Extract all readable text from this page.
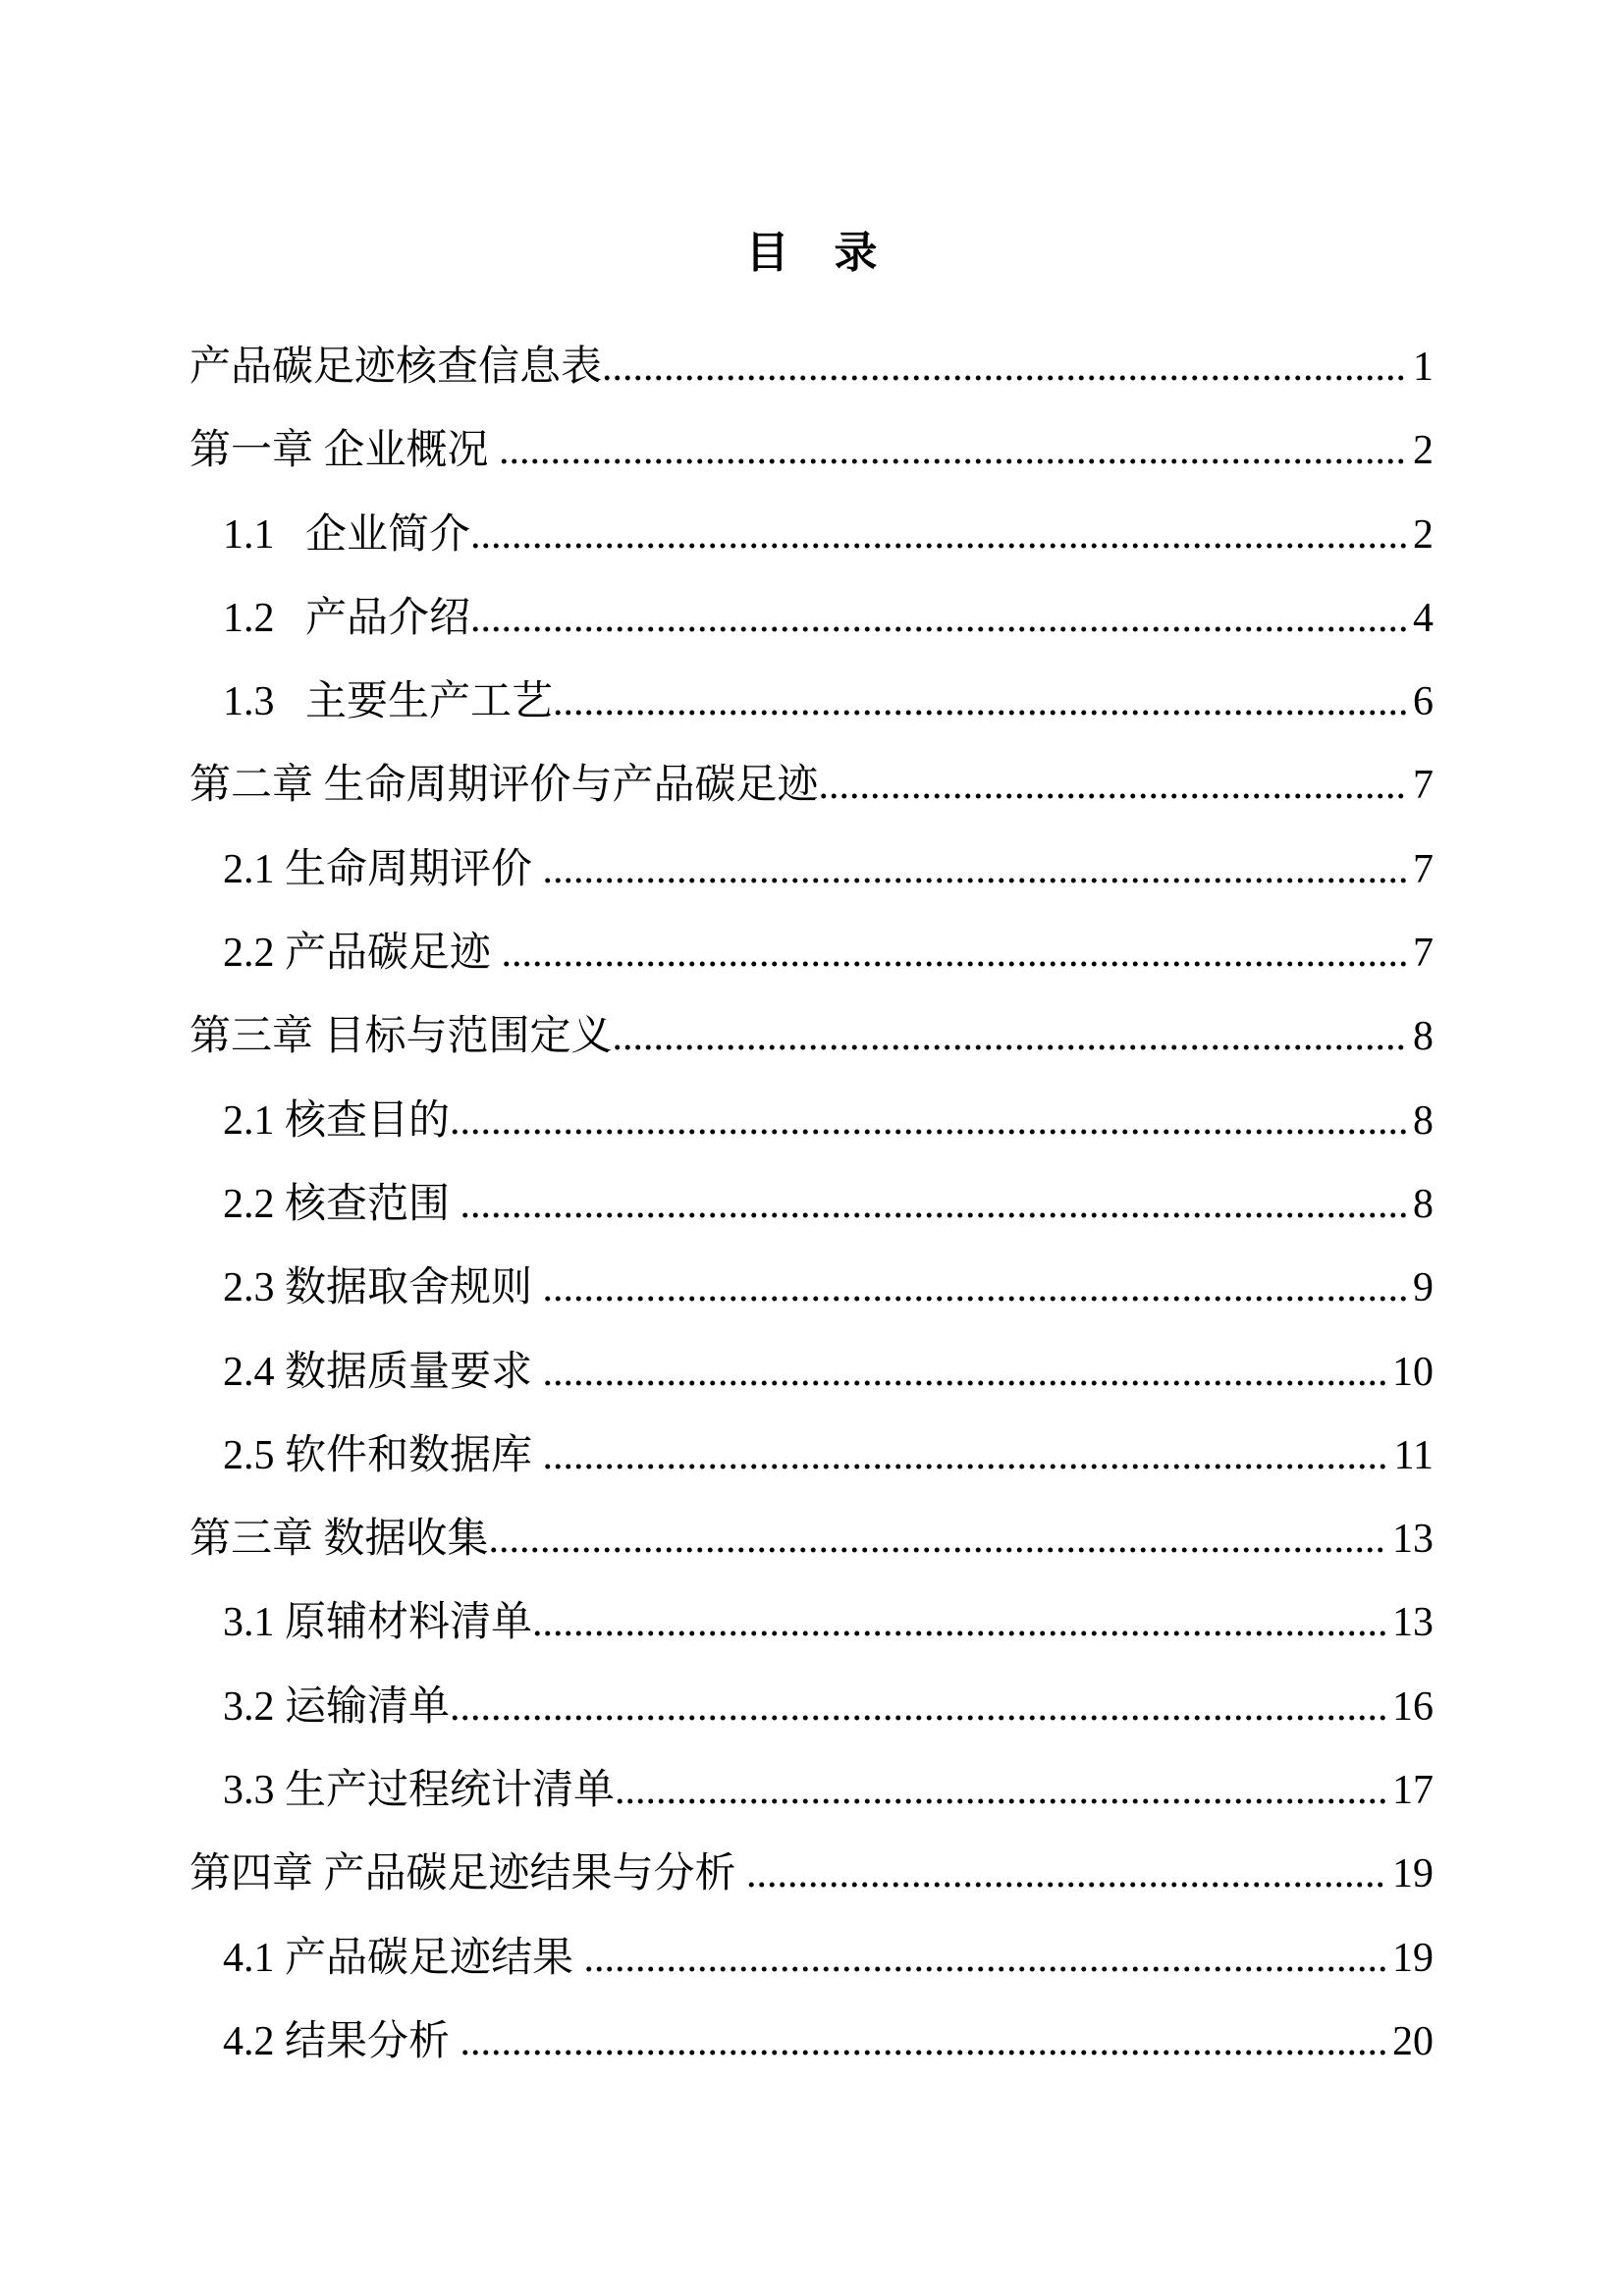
目　录
产品碳足迹核查信息表 .....	1
第一章 企业概况 .....	2
1.1   企业简介 .....	2
1.2   产品介绍 .....	4
1.3   主要生产工艺 .....	6
第二章 生命周期评价与产品碳足迹 .....	7
2.1 生命周期评价 .....	7
2.2 产品碳足迹 .....	7
第三章 目标与范围定义 .....	8
2.1 核查目的 .....	8
2.2 核查范围 .....	8
2.3 数据取舍规则 .....	9
2.4 数据质量要求 .....	10
2.5 软件和数据库 .....	11
第三章 数据收集 .....	13
3.1 原辅材料清单 .....	13
3.2 运输清单 .....	16
3.3 生产过程统计清单 .....	17
第四章 产品碳足迹结果与分析 .....	19
4.1 产品碳足迹结果 .....	19
4.2 结果分析 .....	20
